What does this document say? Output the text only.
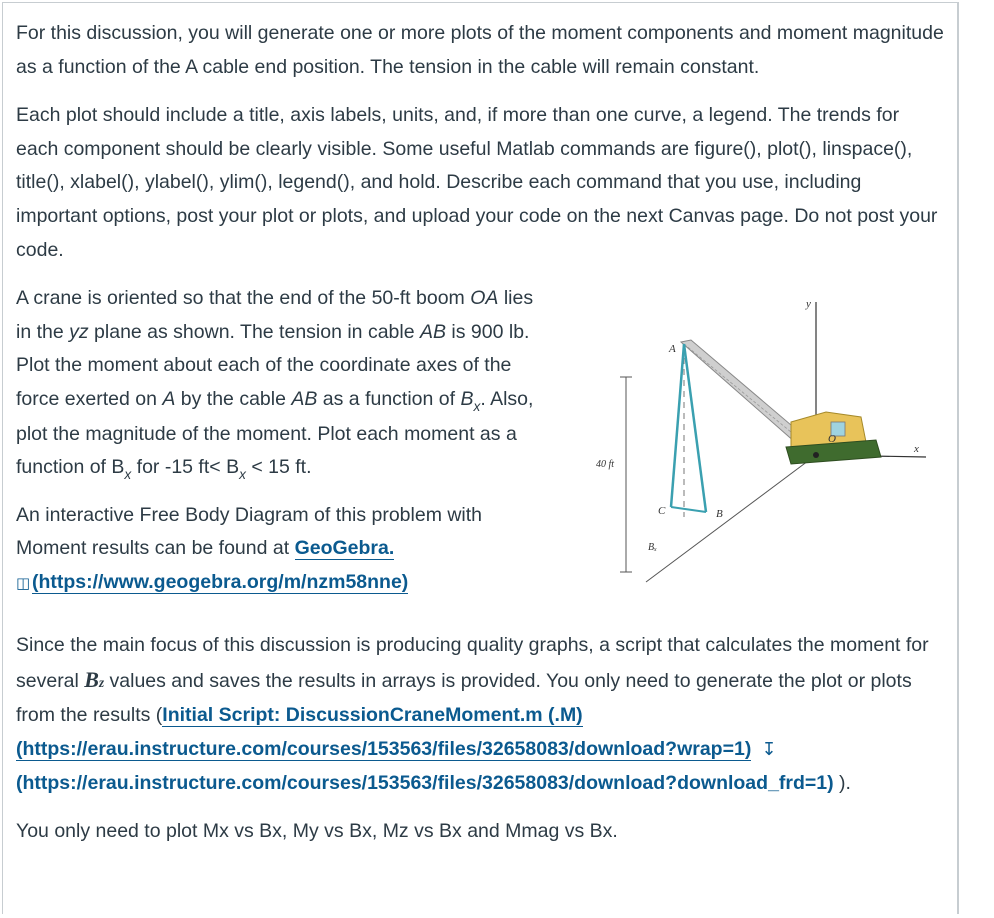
For this discussion, you will generate one or more plots of the moment components and moment magnitude as a function of the A cable end position. The tension in the cable will remain constant.

Each plot should include a title, axis labels, units, and, if more than one curve, a legend. The trends for each component should be clearly visible. Some useful Matlab commands are figure(), plot(), linspace(), title(), xlabel(), ylabel(), ylim(), legend(), and hold. Describe each command that you use, including important options, post your plot or plots, and upload your code on the next Canvas page. Do not post your code.

A crane is oriented so that the end of the 50-ft boom OA lies in the yz plane as shown. The tension in cable AB is 900 lb. Plot the moment about each of the coordinate axes of the force exerted on A by the cable AB as a function of $B_x$. Also, plot the magnitude of the moment. Plot each moment as a function of $B_x$ for -15 $ft< B_x < 15$ ft.

An interactive Free Body Diagram of this problem with Moment results can be found at GeoGebra.
◫(https://www.geogebra.org/m/nzm58nne)

y
A
O
x
B
C
Bₓ
40 ft

Since the main focus of this discussion is producing quality graphs, a script that calculates the moment for several Bz values and saves the results in arrays is provided. You only need to generate the plot or plots from the results (Initial Script: DiscussionCraneMoment.m (.M)
(https://erau.instructure.com/courses/153563/files/32658083/download?wrap=1) ↧
(https://erau.instructure.com/courses/153563/files/32658083/download?download_frd=1) ).

You only need to plot Mx vs Bx, My vs Bx, Mz vs Bx and Mmag vs Bx.
